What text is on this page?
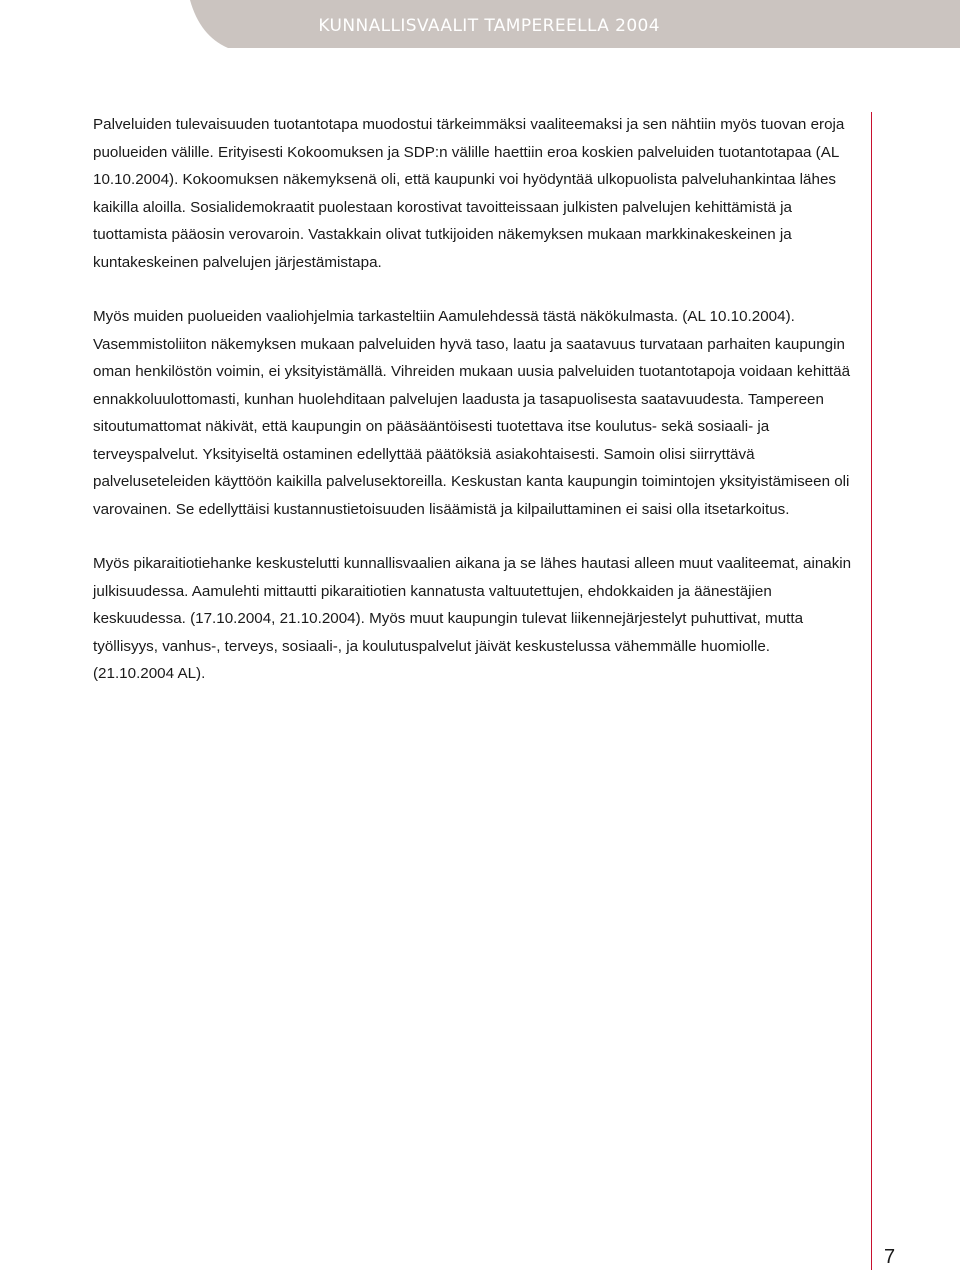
KUNNALLISVAALIT TAMPEREELLA 2004

Palveluiden tulevaisuuden tuotantotapa muodostui tärkeimmäksi vaaliteemaksi ja sen nähtiin myös tuovan eroja puolueiden välille. Erityisesti Kokoomuksen ja SDP:n välille haettiin eroa koskien palveluiden tuotantotapaa (AL 10.10.2004). Kokoomuksen näkemyksenä oli, että kaupunki voi hyödyntää ulkopuolista palveluhankintaa lähes kaikilla aloilla. Sosialidemokraatit puolestaan korostivat tavoitteissaan julkisten palvelujen kehittämistä ja tuottamista pääosin verovaroin. Vastakkain olivat tutkijoiden näkemyksen mukaan markkinakeskeinen ja kuntakeskeinen palvelujen järjestämistapa.

Myös muiden puolueiden vaaliohjelmia tarkasteltiin Aamulehdessä tästä näkökulmasta. (AL 10.10.2004). Vasemmistoliiton näkemyksen mukaan palveluiden hyvä taso, laatu ja saatavuus turvataan parhaiten kaupungin oman henkilöstön voimin, ei yksityistämällä. Vihreiden mukaan uusia palveluiden tuotantotapoja voidaan kehittää ennakkoluulottomasti, kunhan huolehditaan palvelujen laadusta ja tasapuolisesta saatavuudesta. Tampereen sitoutumattomat näkivät, että kaupungin on pääsääntöisesti tuotettava itse koulutus- sekä sosiaali- ja terveyspalvelut. Yksityiseltä ostaminen edellyttää päätöksiä asiakohtaisesti. Samoin olisi siirryttävä palveluseteleiden käyttöön kaikilla palvelusektoreilla. Keskustan kanta kaupungin toimintojen yksityistämiseen oli varovainen. Se edellyttäisi kustannustietoisuuden lisäämistä ja kilpailuttaminen ei saisi olla itsetarkoitus.

Myös pikaraitiotiehanke keskustelutti kunnallisvaalien aikana ja se lähes hautasi alleen muut vaaliteemat, ainakin julkisuudessa. Aamulehti mittautti pikaraitiotien kannatusta valtuutettujen, ehdokkaiden ja äänestäjien keskuudessa. (17.10.2004, 21.10.2004). Myös muut kaupungin tulevat liikennejärjestelyt puhuttivat, mutta työllisyys, vanhus-, terveys, sosiaali-, ja koulutuspalvelut jäivät keskustelussa vähemmälle huomiolle. (21.10.2004 AL).

7
